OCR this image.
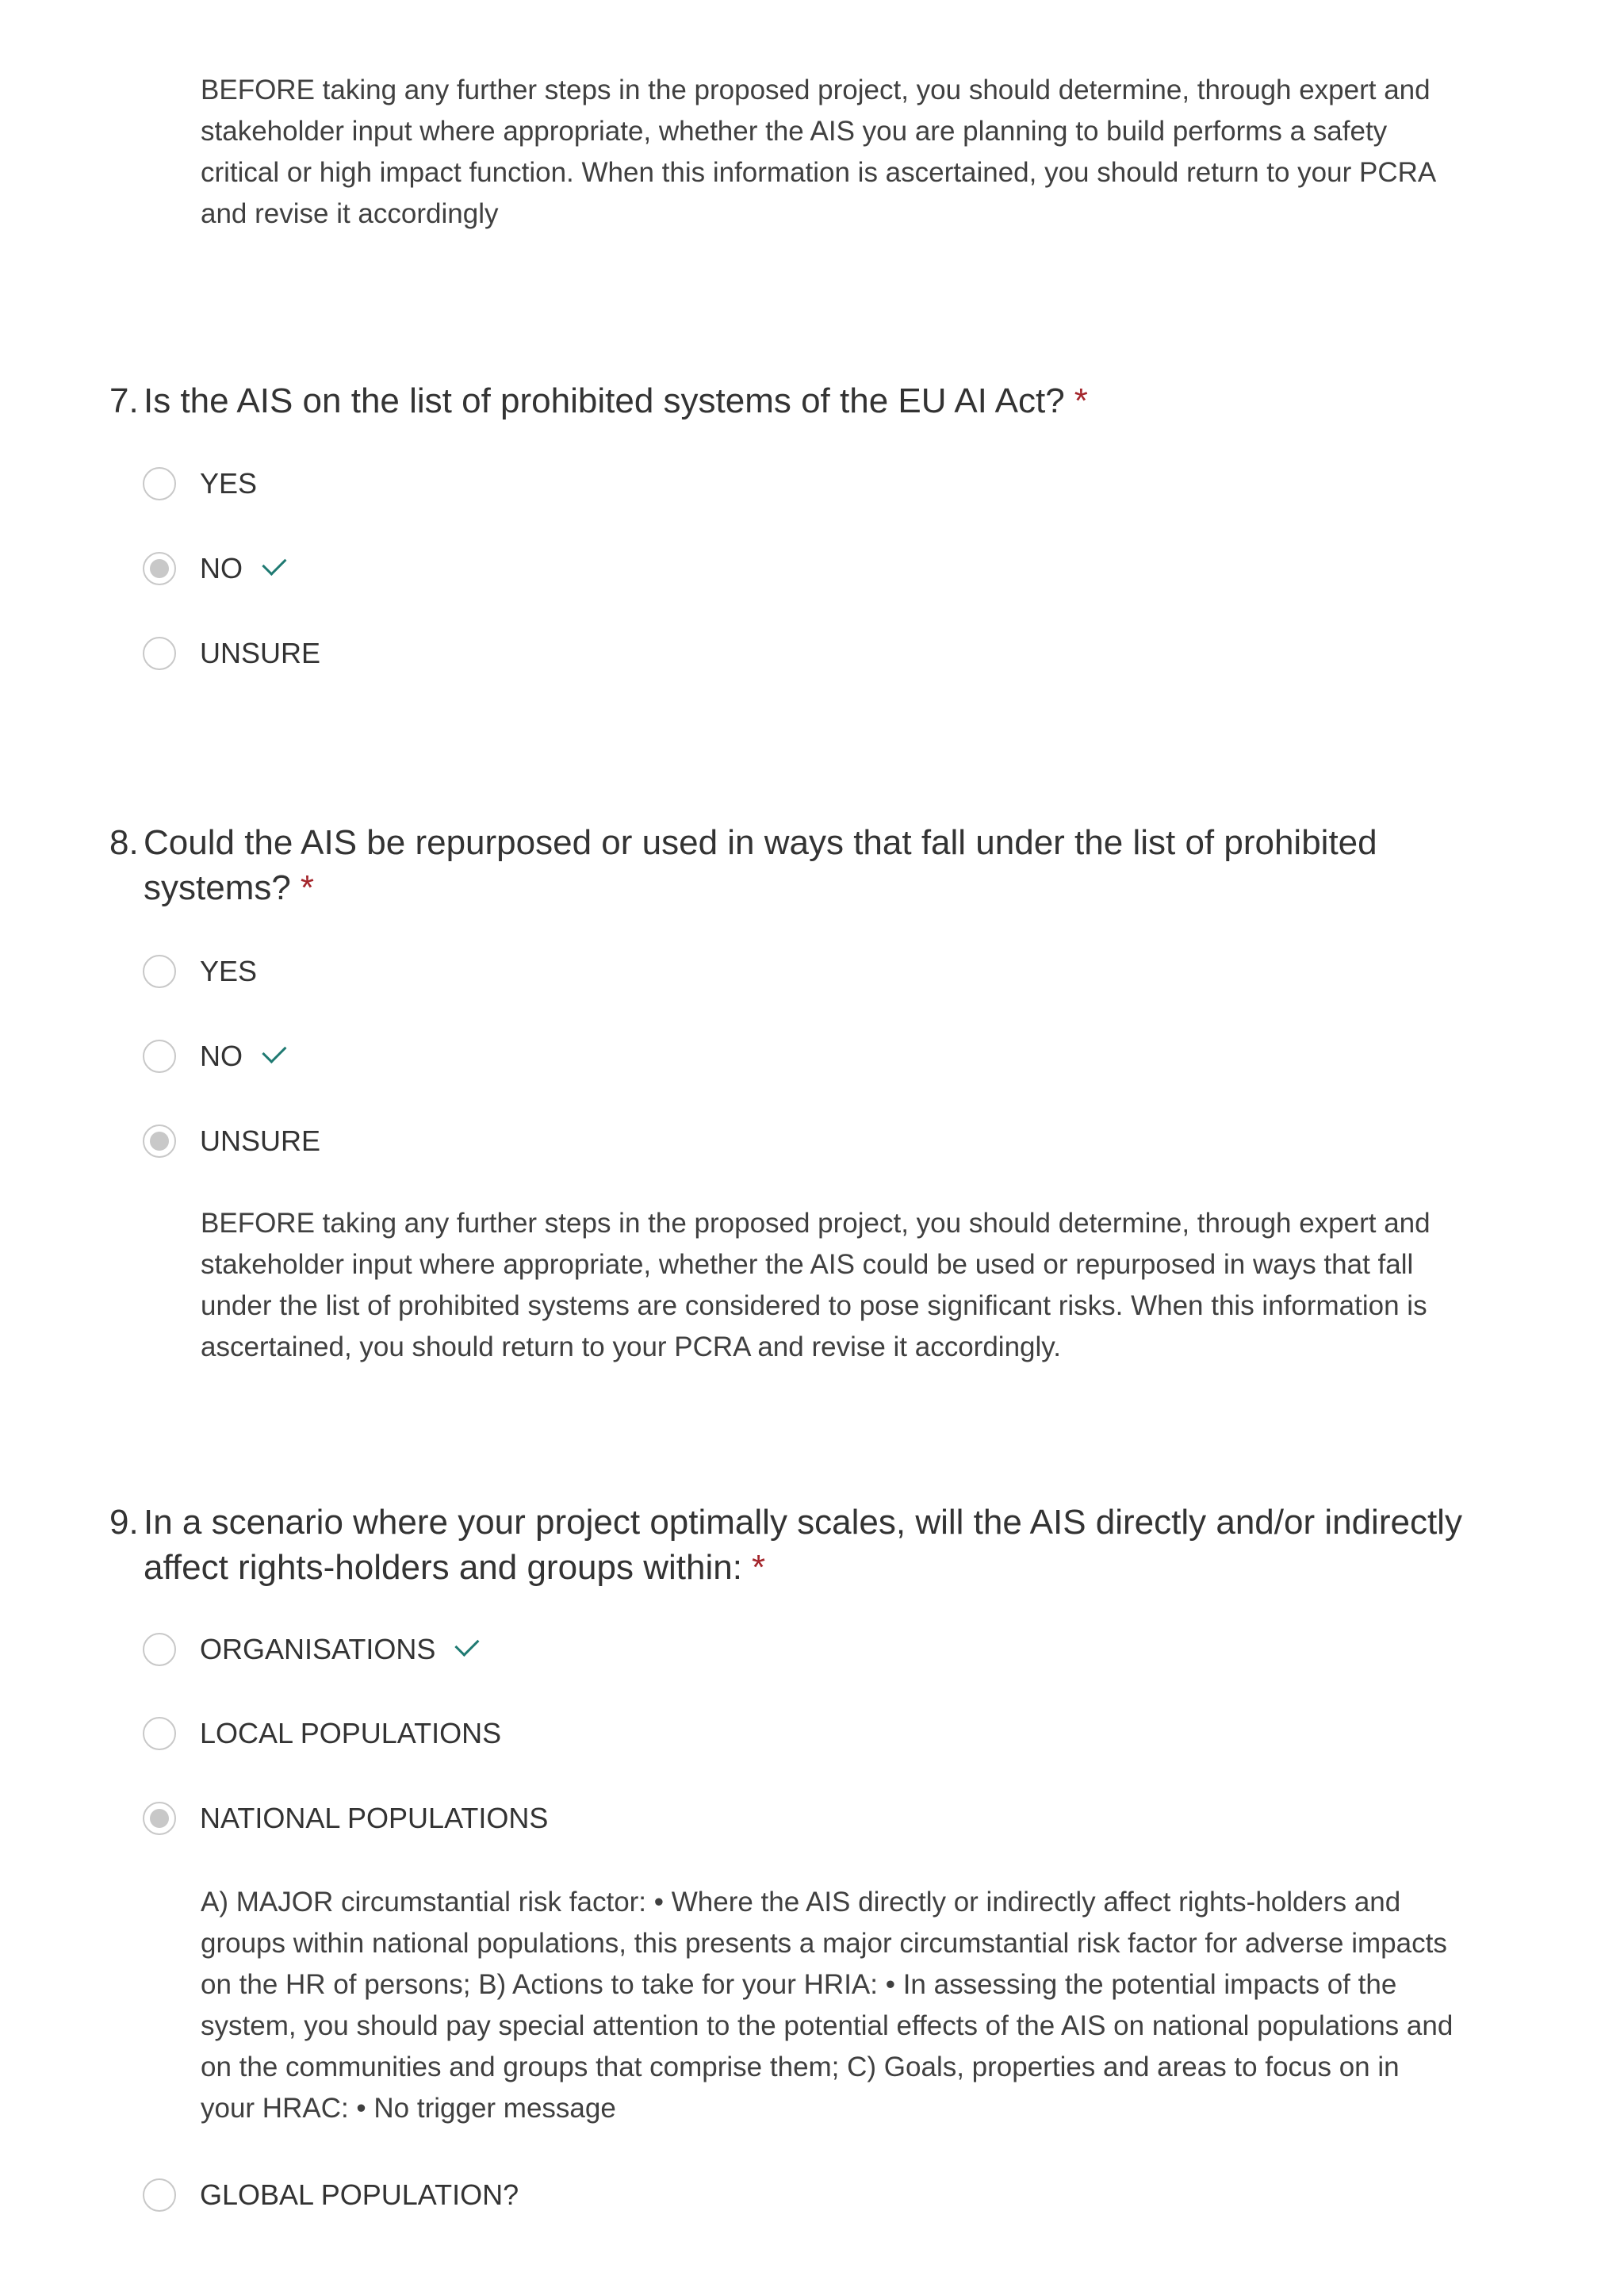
BEFORE taking any further steps in the proposed project, you should determine, through expert and stakeholder input where appropriate, whether the AIS you are planning to build performs a safety critical or high impact function. When this information is ascertained, you should return to your PCRA and revise it accordingly

7. Is the AIS on the list of prohibited systems of the EU AI Act? *
YES
NO
UNSURE
8. Could the AIS be repurposed or used in ways that fall under the list of prohibited systems? *
YES
NO
UNSURE

BEFORE taking any further steps in the proposed project, you should determine, through expert and stakeholder input where appropriate, whether the AIS could be used or repurposed in ways that fall under the list of prohibited systems are considered to pose significant risks. When this information is ascertained, you should return to your PCRA and revise it accordingly.

9. In a scenario where your project optimally scales, will the AIS directly and/or indirectly affect rights-holders and groups within: *
ORGANISATIONS
LOCAL POPULATIONS
NATIONAL POPULATIONS

A) MAJOR circumstantial risk factor: • Where the AIS directly or indirectly affect rights-holders and groups within national populations, this presents a major circumstantial risk factor for adverse impacts on the HR of persons; B) Actions to take for your HRIA: • In assessing the potential impacts of the system, you should pay special attention to the potential effects of the AIS on national populations and on the communities and groups that comprise them; C) Goals, properties and areas to focus on in your HRAC: • No trigger message

GLOBAL POPULATION?
